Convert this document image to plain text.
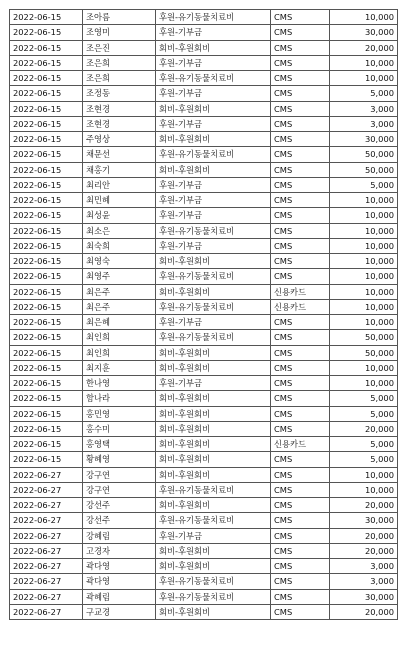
2022-06-15	조아름	후원-유기동물치료비	CMS	10,000
2022-06-15	조영미	후원-기부금	CMS	30,000
2022-06-15	조은진	회비-후원회비	CMS	20,000
2022-06-15	조은희	후원-기부금	CMS	10,000
2022-06-15	조은희	후원-유기동물치료비	CMS	10,000
2022-06-15	조정동	후원-기부금	CMS	5,000
2022-06-15	조현경	회비-후원회비	CMS	3,000
2022-06-15	조현경	후원-기부금	CMS	3,000
2022-06-15	주영상	회비-후원회비	CMS	30,000
2022-06-15	채문선	후원-유기동물치료비	CMS	50,000
2022-06-15	채홍기	회비-후원회비	CMS	50,000
2022-06-15	최리안	후원-기부금	CMS	5,000
2022-06-15	최민혜	후원-기부금	CMS	10,000
2022-06-15	최성윤	후원-기부금	CMS	10,000
2022-06-15	최소은	후원-유기동물치료비	CMS	10,000
2022-06-15	최숙희	후원-기부금	CMS	10,000
2022-06-15	최영숙	회비-후원회비	CMS	10,000
2022-06-15	최영주	후원-유기동물치료비	CMS	10,000
2022-06-15	최은주	회비-후원회비	신용카드	10,000
2022-06-15	최은주	후원-유기동물치료비	신용카드	10,000
2022-06-15	최은혜	후원-기부금	CMS	10,000
2022-06-15	최인희	후원-유기동물치료비	CMS	50,000
2022-06-15	최인희	회비-후원회비	CMS	50,000
2022-06-15	최지훈	회비-후원회비	CMS	10,000
2022-06-15	한나영	후원-기부금	CMS	10,000
2022-06-15	함나라	회비-후원회비	CMS	5,000
2022-06-15	홍민영	회비-후원회비	CMS	5,000
2022-06-15	홍수미	회비-후원회비	CMS	20,000
2022-06-15	홍영택	회비-후원회비	신용카드	5,000
2022-06-15	황혜영	회비-후원회비	CMS	5,000
2022-06-27	강구연	회비-후원회비	CMS	10,000
2022-06-27	강구연	후원-유기동물치료비	CMS	10,000
2022-06-27	강선주	회비-후원회비	CMS	20,000
2022-06-27	강선주	후원-유기동물치료비	CMS	30,000
2022-06-27	강혜림	후원-기부금	CMS	20,000
2022-06-27	고경자	회비-후원회비	CMS	20,000
2022-06-27	곽다영	회비-후원회비	CMS	3,000
2022-06-27	곽다영	후원-유기동물치료비	CMS	3,000
2022-06-27	곽혜림	후원-유기동물치료비	CMS	30,000
2022-06-27	구교경	회비-후원회비	CMS	20,000
